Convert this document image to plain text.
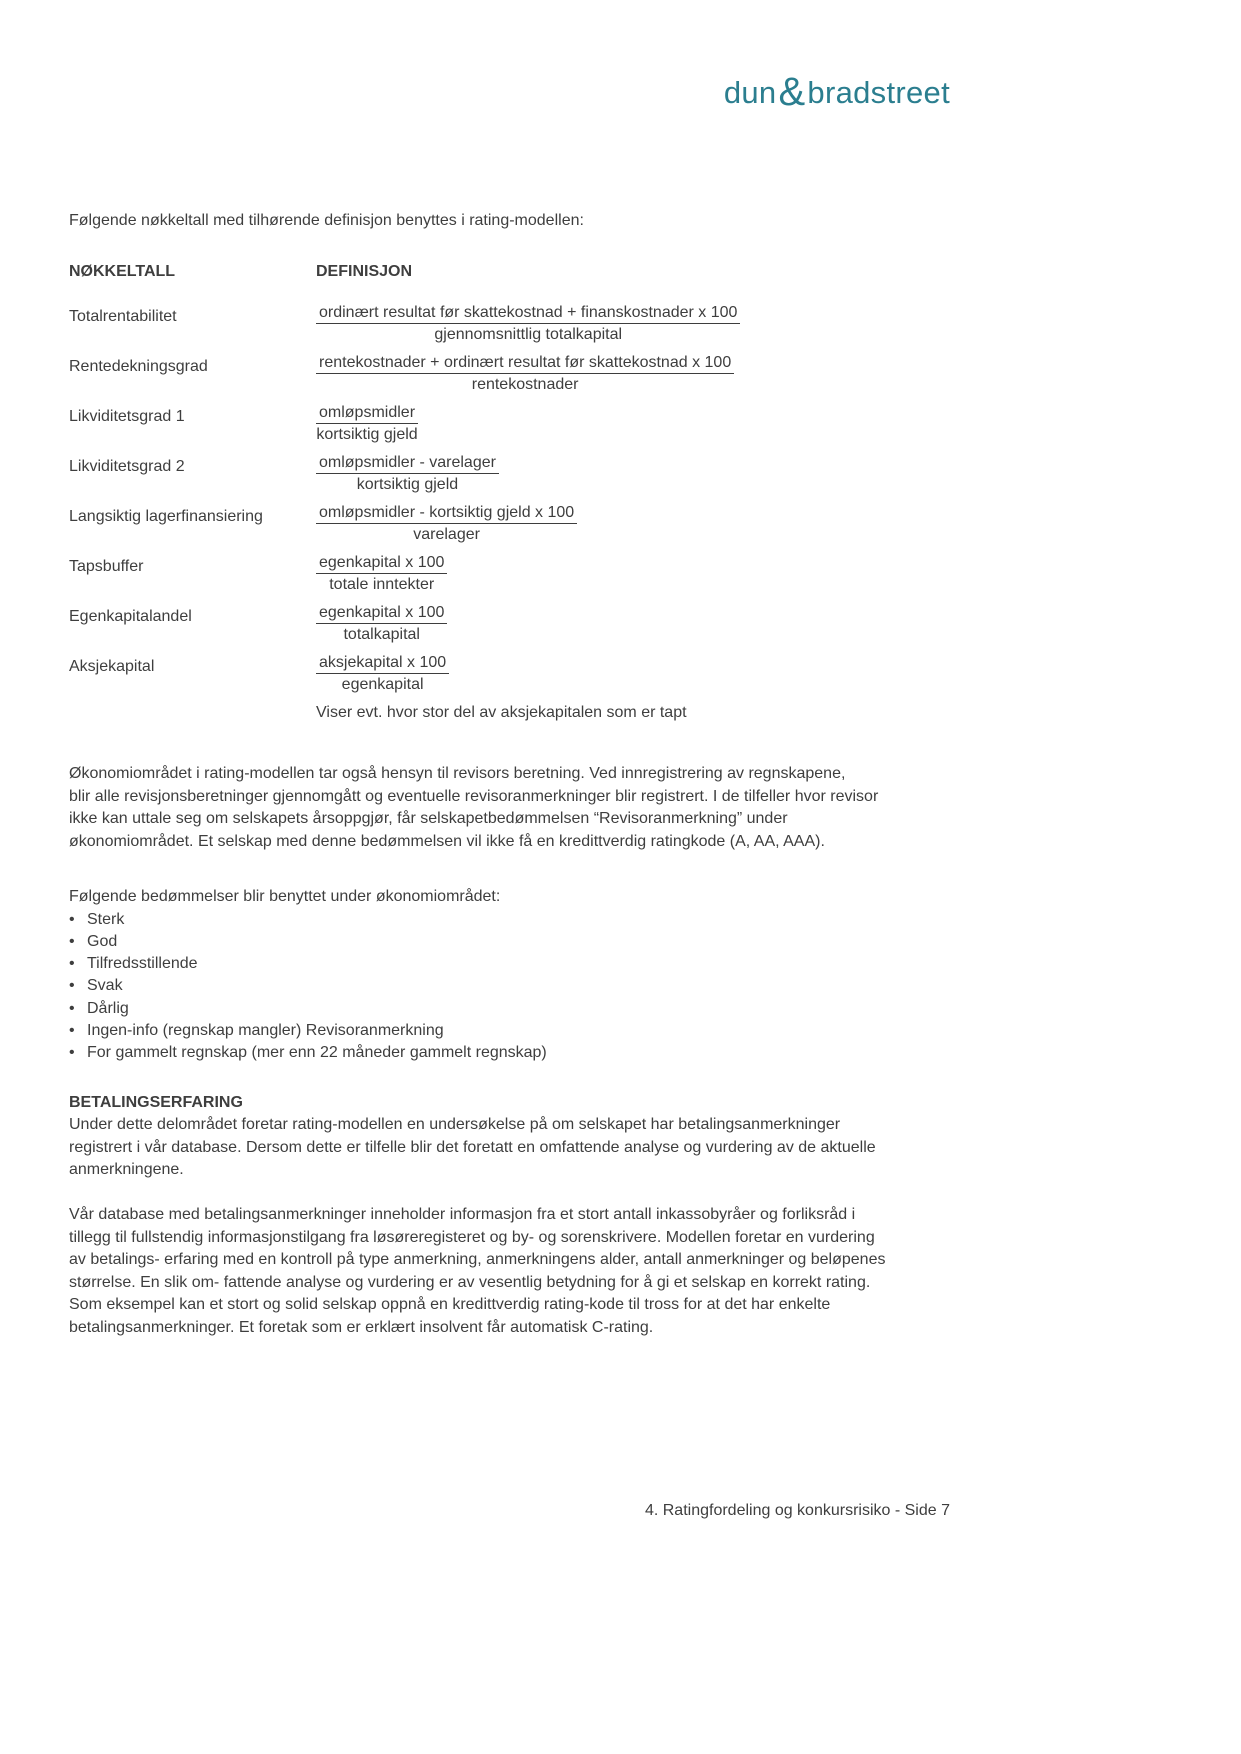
dun&bradstreet

Følgende nøkkeltall med tilhørende definisjon benyttes i rating-modellen:

NØKKELTALL	DEFINISJON
Totalrentabilitet	$\frac{\text{ordinært resultat før skattekostnad + finanskostnader x 100}}{\text{gjennomsnittlig totalkapital}}$
Rentedekningsgrad	$\frac{\text{rentekostnader + ordinært resultat før skattekostnad x 100}}{\text{rentekostnader}}$
Likviditetsgrad 1	$\frac{\text{omløpsmidler}}{\text{kortsiktig gjeld}}$
Likviditetsgrad 2	$\frac{\text{omløpsmidler - varelager}}{\text{kortsiktig gjeld}}$
Langsiktig lagerfinansiering	$\frac{\text{omløpsmidler - kortsiktig gjeld x 100}}{\text{varelager}}$
Tapsbuffer	$\frac{\text{egenkapital x 100}}{\text{totale inntekter}}$
Egenkapitalandel	$\frac{\text{egenkapital x 100}}{\text{totalkapital}}$
Aksjekapital	$\frac{\text{aksjekapital x 100}}{\text{egenkapital}}$
Viser evt. hvor stor del av aksjekapitalen som er tapt
Økonomiområdet i rating-modellen tar også hensyn til revisors beretning. Ved innregistrering av regnskapene,
blir alle revisjonsberetninger gjennomgått og eventuelle revisoranmerkninger blir registrert. I de tilfeller hvor revisor
ikke kan uttale seg om selskapets årsoppgjør, får selskapetbedømmelsen “Revisoranmerkning” under
økonomiområdet. Et selskap med denne bedømmelsen vil ikke få en kredittverdig ratingkode (A, AA, AAA).
Følgende bedømmelser blir benyttet under økonomiområdet:
• Sterk
• God
• Tilfredsstillende
• Svak
• Dårlig
• Ingen-info (regnskap mangler) Revisoranmerkning
• For gammelt regnskap (mer enn 22 måneder gammelt regnskap)
BETALINGSERFARING
Under dette delområdet foretar rating-modellen en undersøkelse på om selskapet har betalingsanmerkninger
registrert i vår database. Dersom dette er tilfelle blir det foretatt en omfattende analyse og vurdering av de aktuelle
anmerkningene.
Vår database med betalingsanmerkninger inneholder informasjon fra et stort antall inkassobyråer og forliksråd i
tillegg til fullstendig informasjonstilgang fra løsøreregisteret og by- og sorenskrivere. Modellen foretar en vurdering
av betalings- erfaring med en kontroll på type anmerkning, anmerkningens alder, antall anmerkninger og beløpenes
størrelse. En slik om- fattende analyse og vurdering er av vesentlig betydning for å gi et selskap en korrekt rating.
Som eksempel kan et stort og solid selskap oppnå en kredittverdig rating-kode til tross for at det har enkelte
betalingsanmerkninger. Et foretak som er erklært insolvent får automatisk C-rating.
4. Ratingfordeling og konkursrisiko - Side 7
